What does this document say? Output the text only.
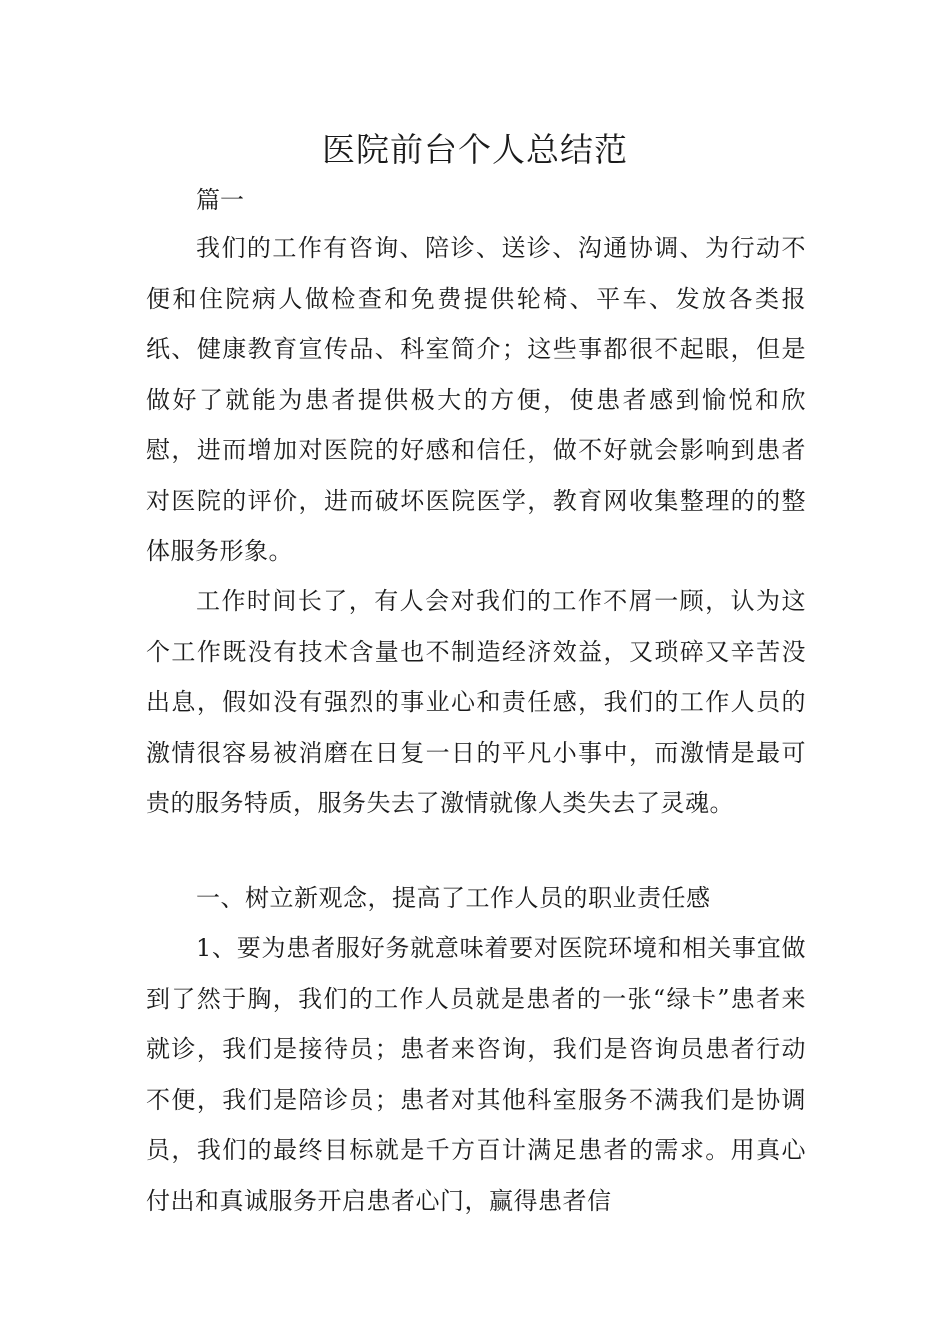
医院前台个人总结范
篇一

我们的工作有咨询、陪诊、送诊、沟通协调、为行动不便和住院病人做检查和免费提供轮椅、平车、发放各类报纸、健康教育宣传品、科室简介；这些事都很不起眼，但是做好了就能为患者提供极大的方便，使患者感到愉悦和欣慰，进而增加对医院的好感和信任，做不好就会影响到患者对医院的评价，进而破坏医院医学，教育网收集整理的的整体服务形象。

工作时间长了，有人会对我们的工作不屑一顾，认为这个工作既没有技术含量也不制造经济效益，又琐碎又辛苦没出息，假如没有强烈的事业心和责任感，我们的工作人员的激情很容易被消磨在日复一日的平凡小事中，而激情是最可贵的服务特质，服务失去了激情就像人类失去了灵魂。

一、树立新观念，提高了工作人员的职业责任感

1、要为患者服好务就意味着要对医院环境和相关事宜做到了然于胸，我们的工作人员就是患者的一张“绿卡”患者来就诊，我们是接待员；患者来咨询，我们是咨询员患者行动不便，我们是陪诊员；患者对其他科室服务不满我们是协调员，我们的最终目标就是千方百计满足患者的需求。用真心付出和真诚服务开启患者心门，赢得患者信
